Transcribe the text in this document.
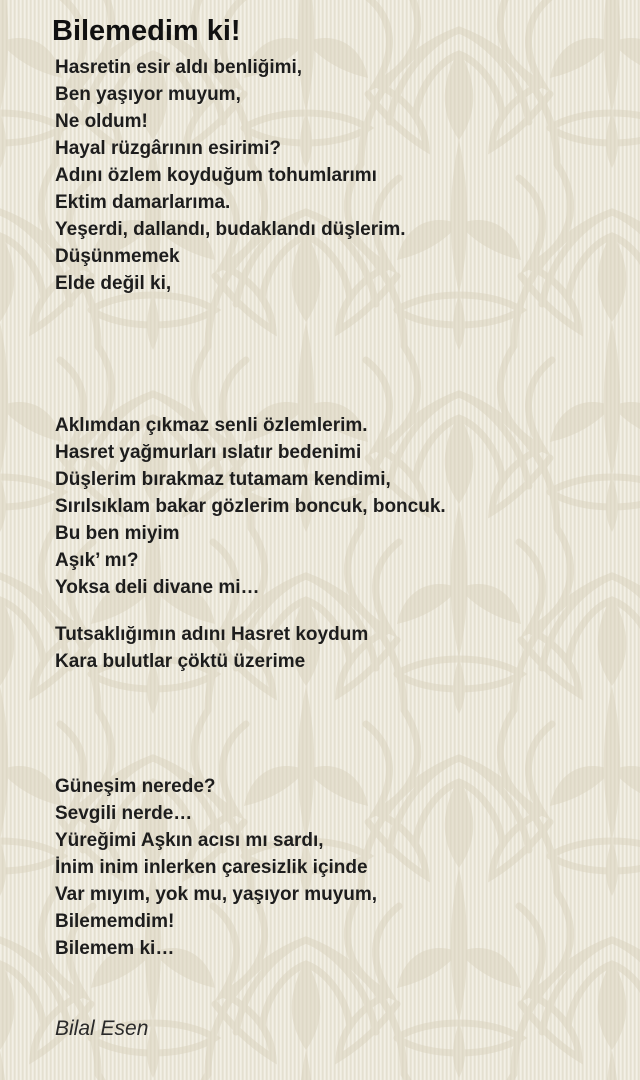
Bilemedim ki!
Hasretin esir aldı benliğimi,
Ben yaşıyor muyum,
Ne oldum!
Hayal rüzgârının esirimi?
Adını özlem koyduğum tohumlarımı
Ektim damarlarıma.
Yeşerdi, dallandı, budaklandı düşlerim.
Düşünmemek
Elde değil ki,
Aklımdan çıkmaz senli özlemlerim.
Hasret yağmurları ıslatır bedenimi
Düşlerim bırakmaz tutamam kendimi,
Sırılsıklam bakar gözlerim boncuk, boncuk.
Bu ben miyim
Aşık’ mı?
Yoksa deli divane mi…
Tutsaklığımın adını Hasret koydum
Kara bulutlar çöktü üzerime
Güneşim nerede?
Sevgili nerde…
Yüreğimi Aşkın acısı mı sardı,
İnim inim inlerken çaresizlik içinde
Var mıyım, yok mu, yaşıyor muyum,
Bilememdim!
Bilemem ki…
Bilal Esen
